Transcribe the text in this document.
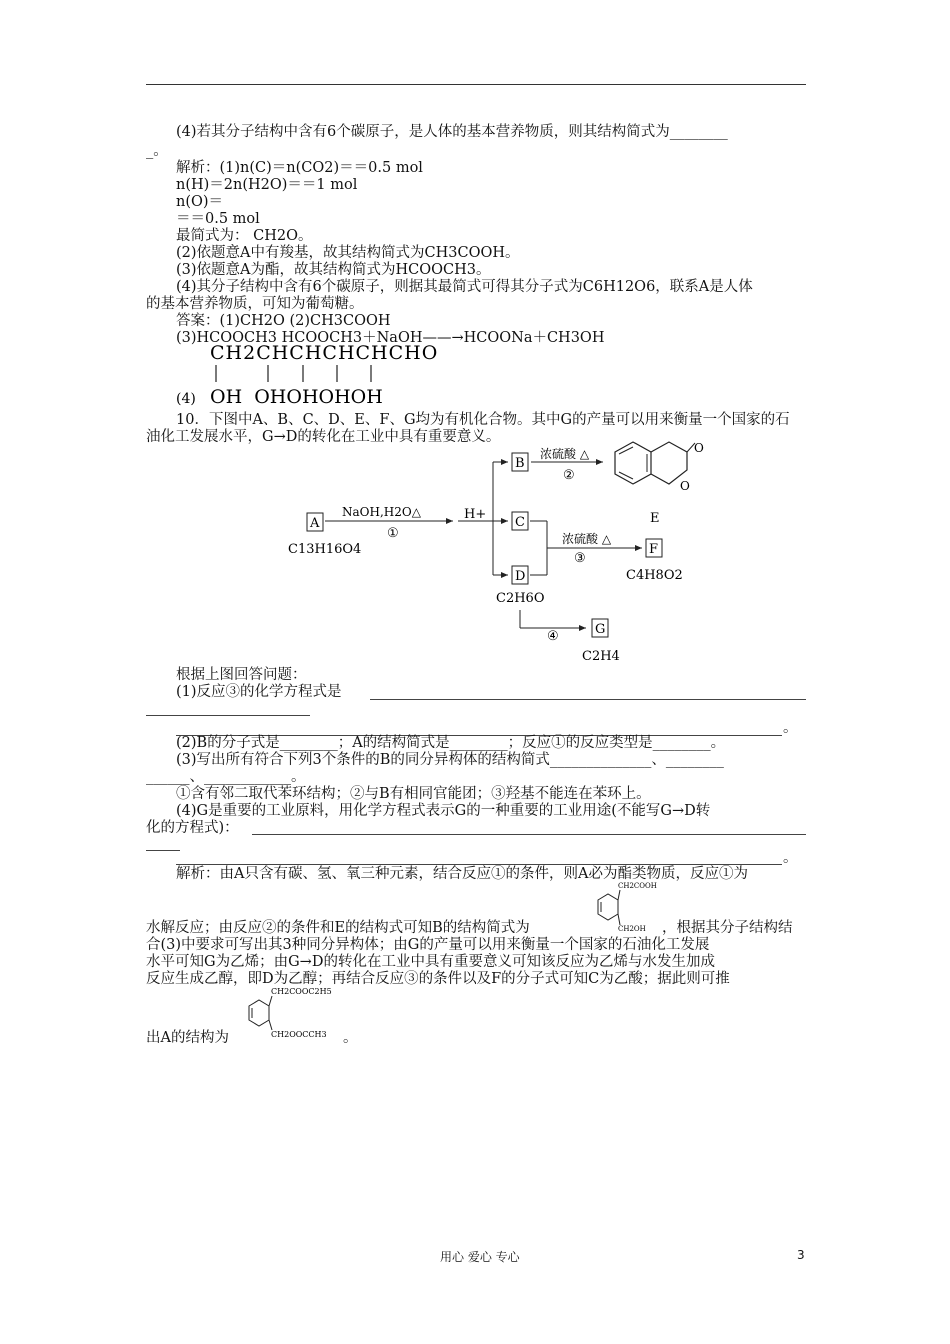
(4)若其分子结构中含有6个碳原子，是人体的基本营养物质，则其结构简式为________
_。
解析：(1)n(C)＝n(CO2)＝＝0.5 mol
n(H)＝2n(H2O)＝＝1 mol
n(O)＝
＝＝0.5 mol
最简式为： CH2O。
(2)依题意A中有羧基，故其结构简式为CH3COOH。
(3)依题意A为酯，故其结构简式为HCOOCH3。
(4)其分子结构中含有6个碳原子，则据其最简式可得其分子式为C6H12O6，联系A是人体
的基本营养物质，可知为葡萄糖。
答案：(1)CH2O (2)CH3COOH
(3)HCOOCH3 HCOOCH3＋NaOH——→HCOONa＋CH3OH
CH2CHCHCHCHCHO
OH  OHOHOHOH
(4)
10．下图中A、B、C、D、E、F、G均为有机化合物。其中G的产量可以用来衡量一个国家的石
油化工发展水平，G→D的转化在工业中具有重要意义。
A
C13H16O4
NaOH,H2O△
①
H+
B
浓硫酸 △
②
O
O
E
C
D
C2H6O
浓硫酸 △
③
F
C4H8O2
④	G
C2H4
根据上图回答问题：
(1)反应③的化学方程式是
。
(2)B的分子式是________；A的结构简式是________；反应①的反应类型是________。
(3)写出所有符合下列3个条件的B的同分异构体的结构简式______________、________
______、____________。
①含有邻二取代苯环结构；②与B有相同官能团；③羟基不能连在苯环上。
(4)G是重要的工业原料，用化学方程式表示G的一种重要的工业用途(不能写G→D转
化的方程式)：
。
解析：由A只含有碳、氢、氧三种元素，结合反应①的条件，则A必为酯类物质，反应①为
CH2COOH
CH2OH
水解反应；由反应②的条件和E的结构式可知B的结构简式为	，根据其分子结构结
合(3)中要求可写出其3种同分异构体；由G的产量可以用来衡量一个国家的石油化工发展
水平可知G为乙烯；由G→D的转化在工业中具有重要意义可知该反应为乙烯与水发生加成
反应生成乙醇，即D为乙醇；再结合反应③的条件以及F的分子式可知C为乙酸；据此则可推
CH2COOC2H5
CH2OOCCH3
出A的结构为	。
用心 爱心 专心	3
